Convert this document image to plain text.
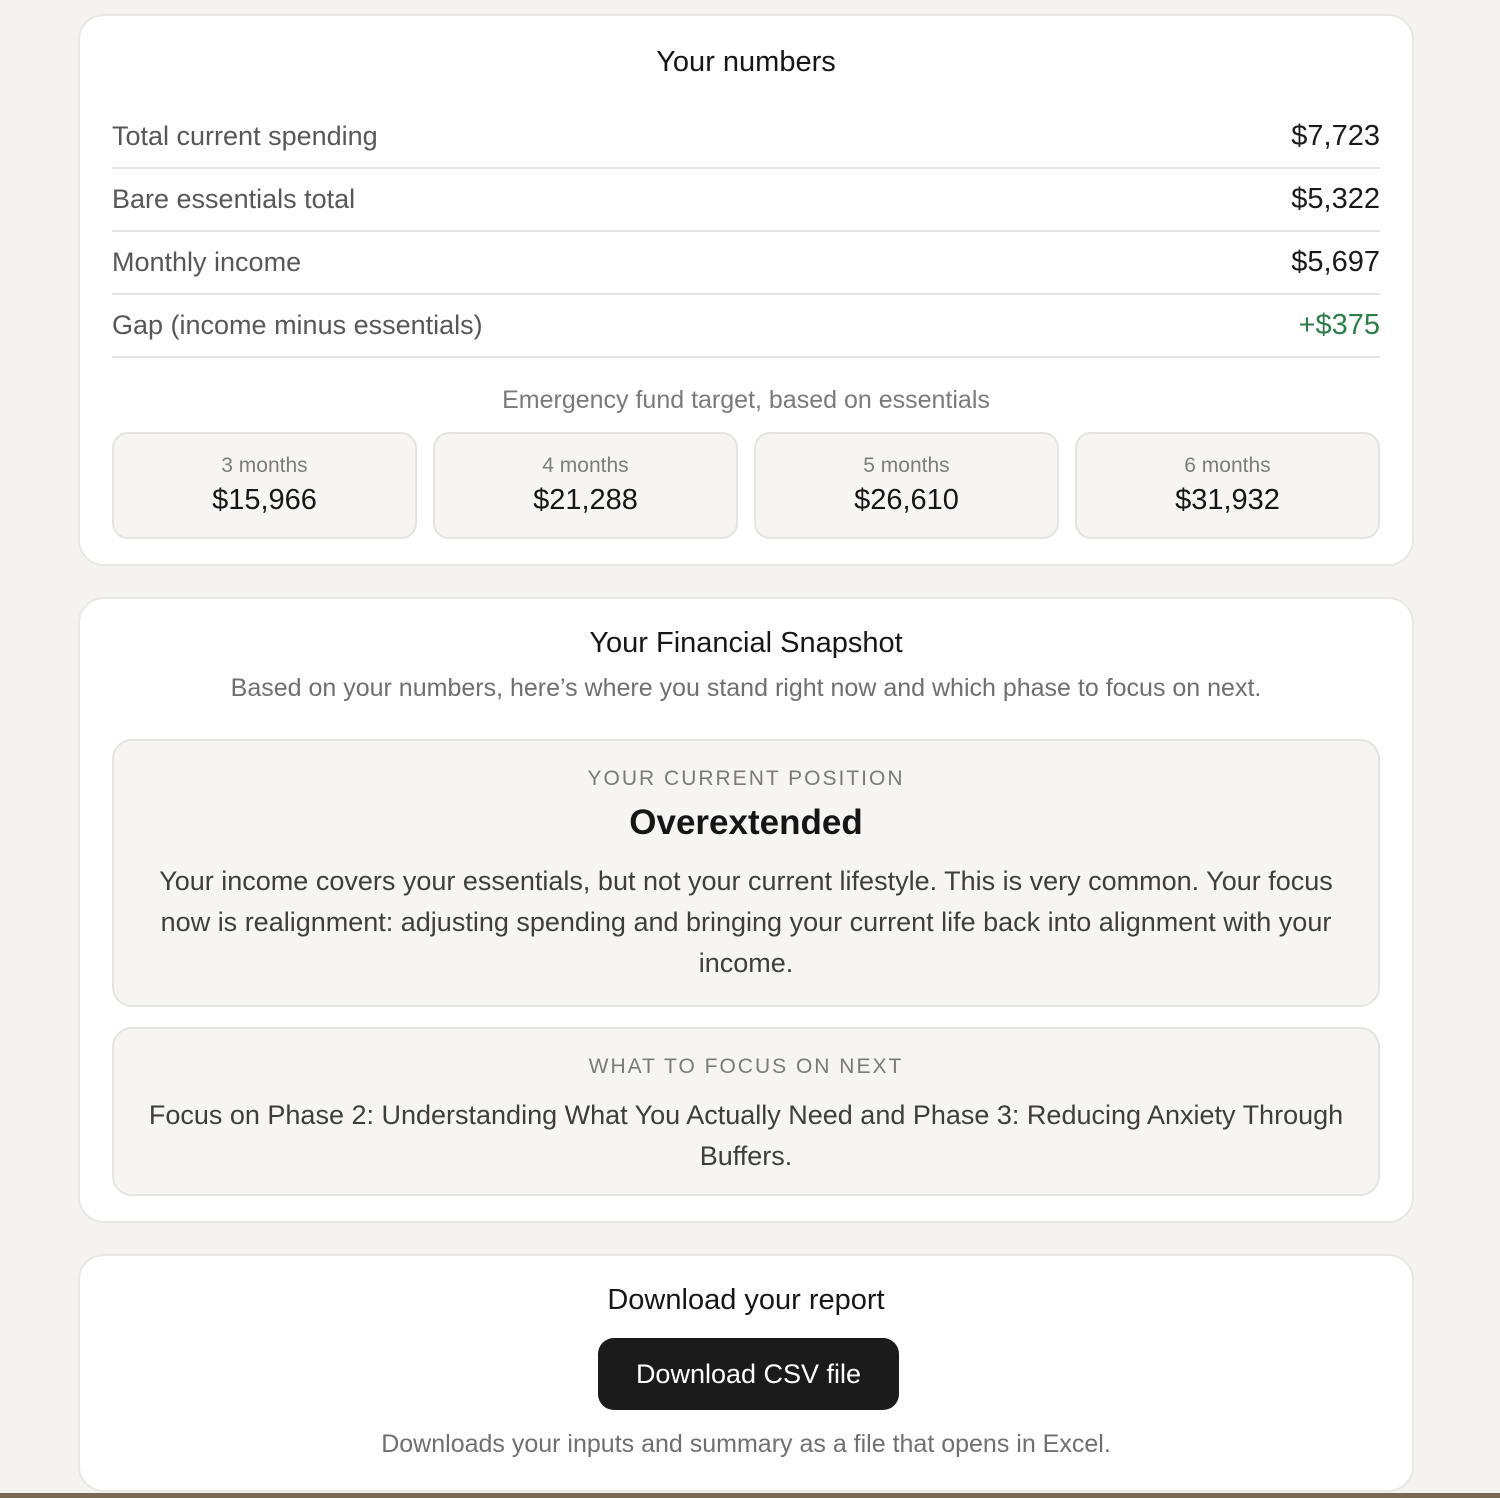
Your numbers
Total current spending	$7,723
Bare essentials total	$5,322
Monthly income	$5,697
Gap (income minus essentials)	+$375
Emergency fund target, based on essentials
3 months
$15,966
4 months
$21,288
5 months
$26,610
6 months
$31,932
Your Financial Snapshot
Based on your numbers, here’s where you stand right now and which phase to focus on next.
YOUR CURRENT POSITION
Overextended
Your income covers your essentials, but not your current lifestyle. This is very common. Your focus now is realignment: adjusting spending and bringing your current life back into alignment with your income.
WHAT TO FOCUS ON NEXT
Focus on Phase 2: Understanding What You Actually Need and Phase 3: Reducing Anxiety Through Buffers.
Download your report
Download CSV file
Downloads your inputs and summary as a file that opens in Excel.
